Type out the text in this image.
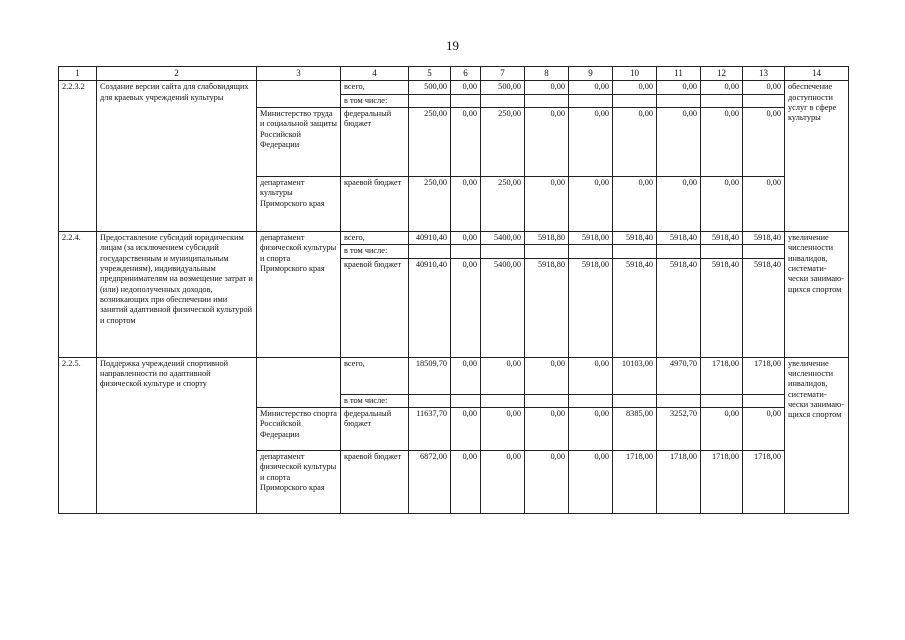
19
1	2	3	4	5	6	7	8	9	10	11	12	13	14
2.2.3.2	Создание версии сайта для слабовидящих для краевых учреждений культуры		всего,	500,00	0,00	500,00	0,00	0,00	0,00	0,00	0,00	0,00	обеспечение доступности услуг в сфере культуры
			в том числе:										
		Министерство труда и социальной защиты Российской Федерации	федеральный бюджет	250,00	0,00	250,00	0,00	0,00	0,00	0,00	0,00	0,00	
		департамент культуры Приморского края	краевой бюджет	250,00	0,00	250,00	0,00	0,00	0,00	0,00	0,00	0,00	
2.2.4.	Предоставление субсидий юридическим лицам (за исключением субсидий государственным и муниципальным учреждениям), индивидуальным предпринимателям на возмещение затрат и (или) недополученных доходов, возникающих при обеспечении ими занятий адаптивной физической культурой и спортом	департамент физической культуры и спорта Приморского края	всего,	40910,40	0,00	5400,00	5918,80	5918,00	5918,40	5918,40	5918,40	5918,40	увеличение численности инвалидов, системати-чески занимаю-щихся спортом
			в том числе:										
			краевой бюджет	40910,40	0,00	5400,00	5918,80	5918,00	5918,40	5918,40	5918,40	5918,40	
2.2.5.	Поддержка учреждений спортивной направленности по адаптивной физической культуре и спорту		всего,	18509,70	0,00	0,00	0,00	0,00	10103,00	4970,70	1718,00	1718,00	увеличение численности инвалидов, системати-чески занимаю-щихся спортом
			в том числе:										
		Министерство спорта Российской Федерации	федеральный бюджет	11637,70	0,00	0,00	0,00	0,00	8385,00	3252,70	0,00	0,00	
		департамент физической культуры и спорта Приморского края	краевой бюджет	6872,00	0,00	0,00	0,00	0,00	1718,00	1718,00	1718,00	1718,00	
